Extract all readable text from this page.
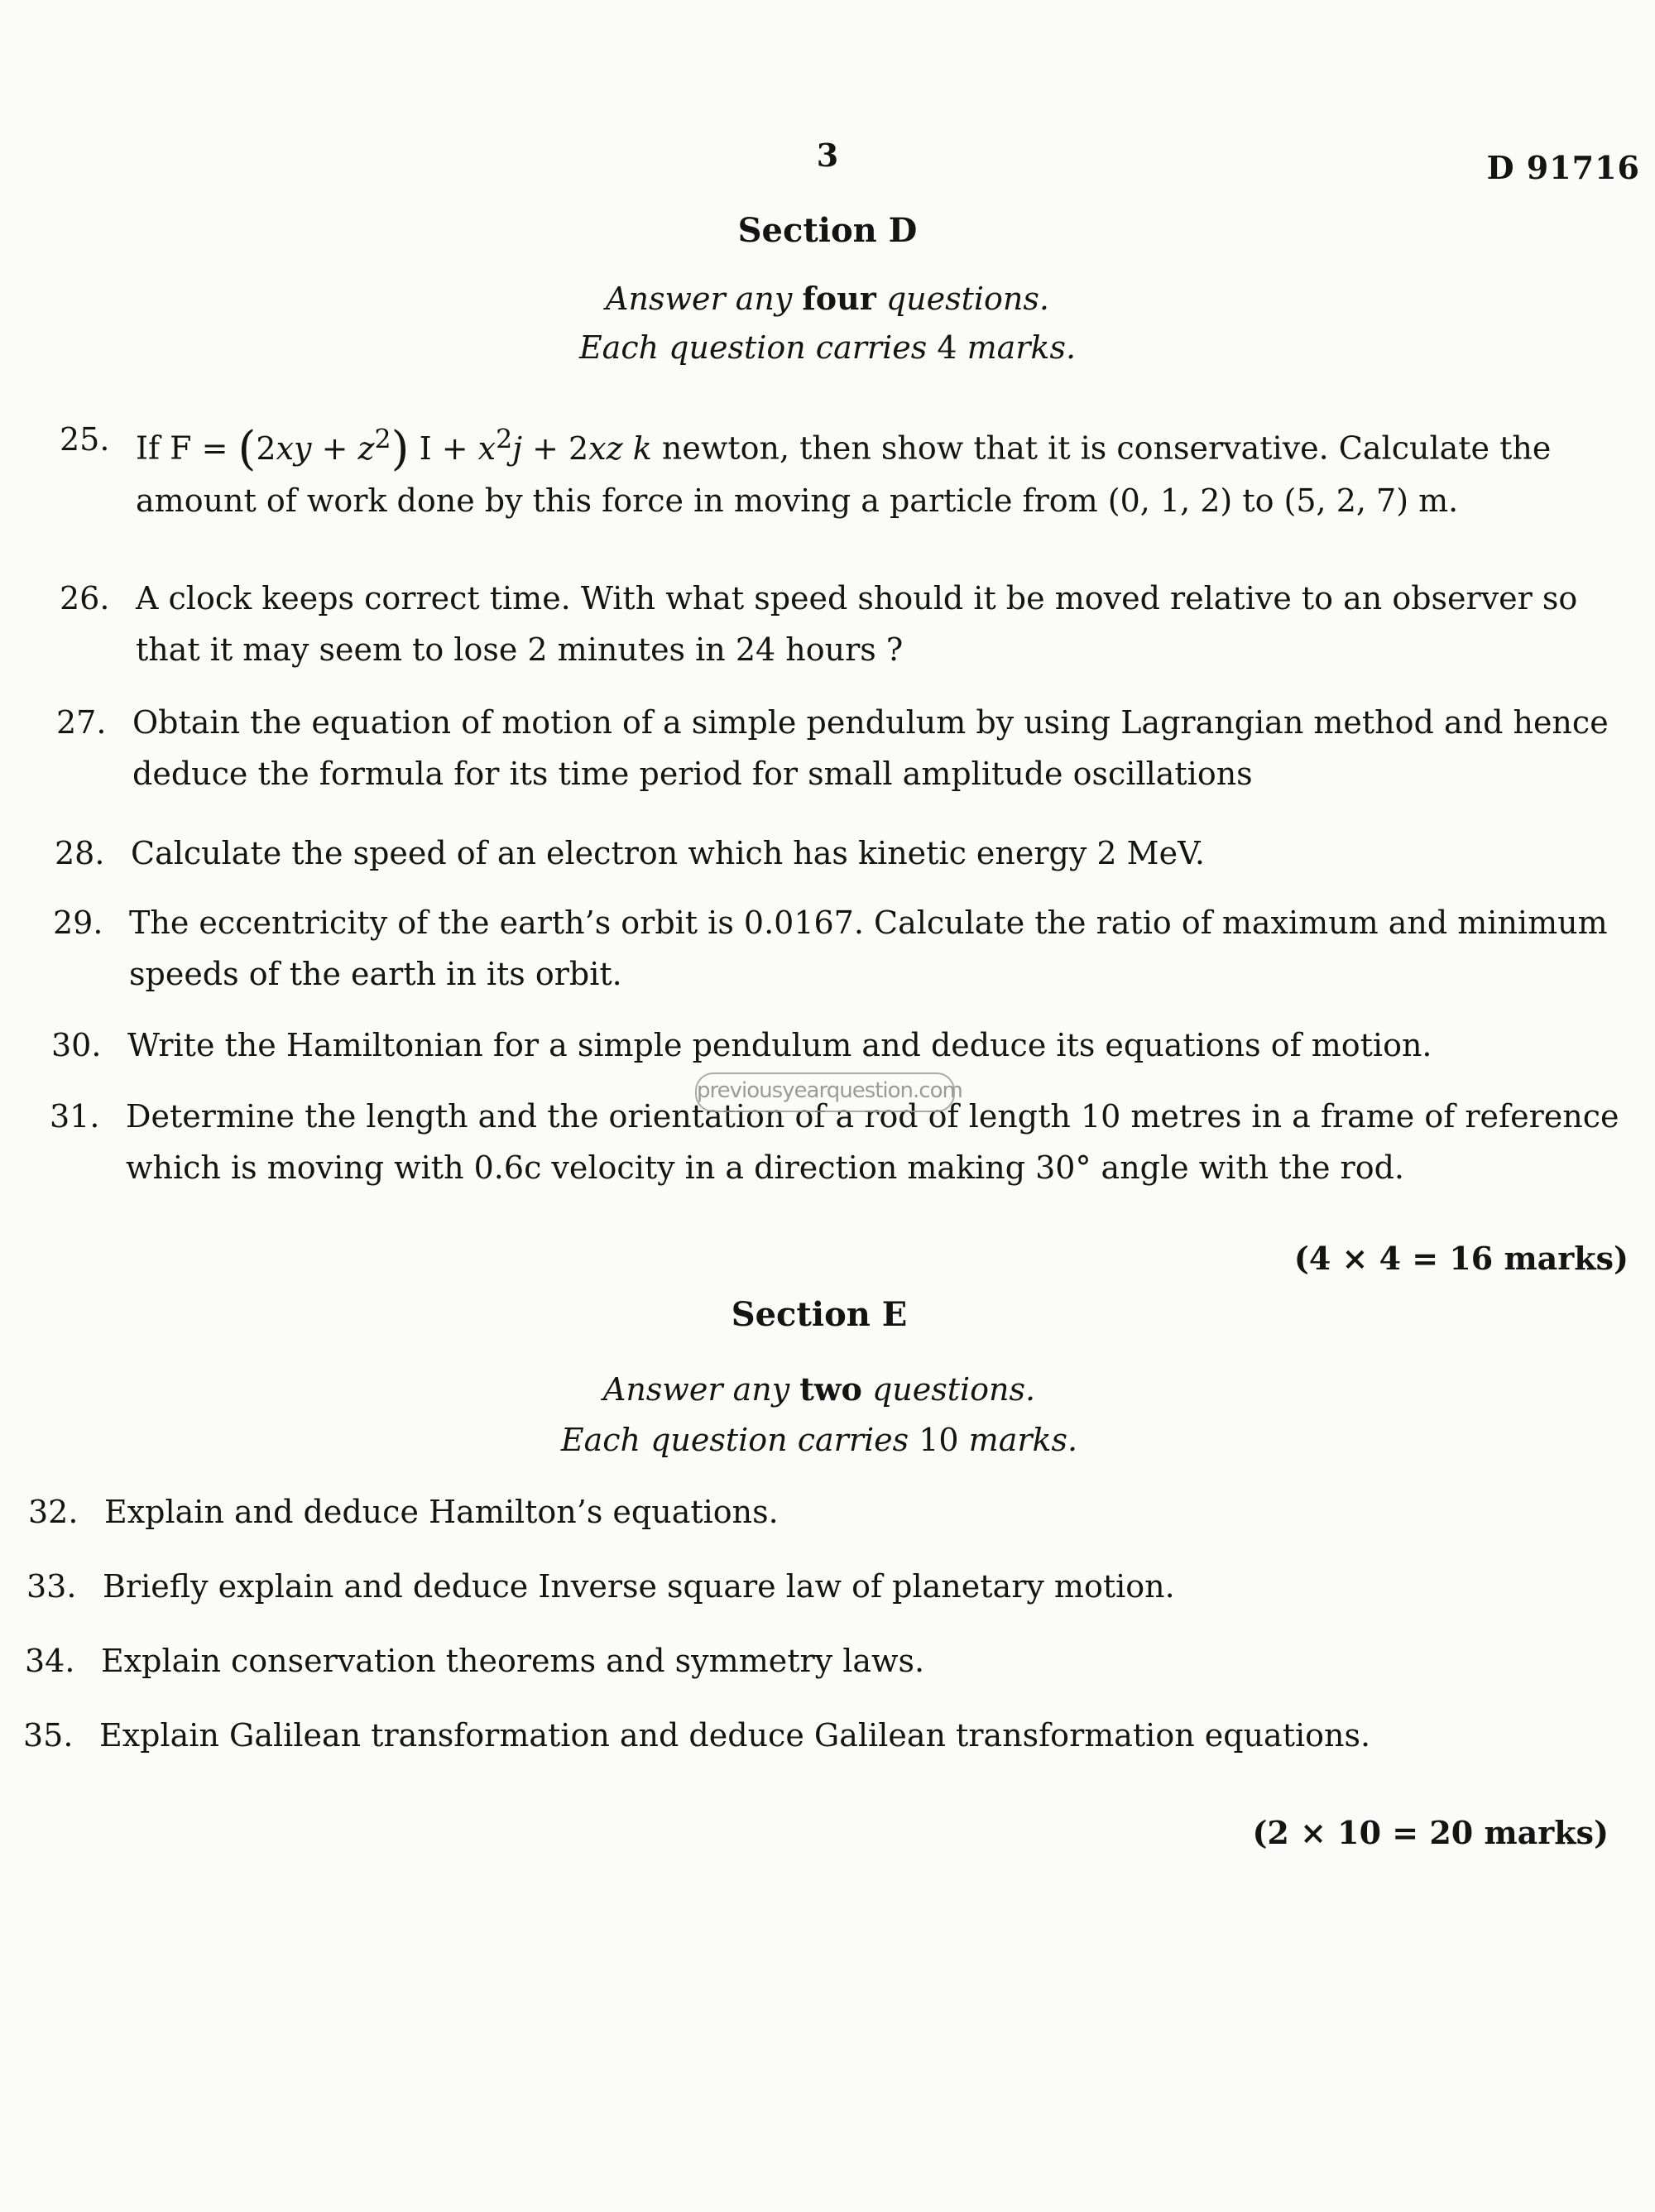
3	D 91716
Section D
Answer any four questions.
Each question carries 4 marks.
25. If $F = (2xy + z^2)$ $I + x^2j + 2xz$ k newton, then show that it is conservative. Calculate the amount of work done by this force in moving a particle from (0, 1, 2) to (5, 2, 7) m.
26. A clock keeps correct time. With what speed should it be moved relative to an observer so that it may seem to lose 2 minutes in 24 hours ?
27. Obtain the equation of motion of a simple pendulum by using Lagrangian method and hence deduce the formula for its time period for small amplitude oscillations
28. Calculate the speed of an electron which has kinetic energy 2 MeV.
29. The eccentricity of the earth’s orbit is 0.0167. Calculate the ratio of maximum and minimum speeds of the earth in its orbit.
30. Write the Hamiltonian for a simple pendulum and deduce its equations of motion.
31. Determine the length and the orientation of a rod of length 10 metres in a frame of reference which is moving with 0.6c velocity in a direction making 30° angle with the rod.
previousyearquestion.com
(4 × 4 = 16 marks)
Section E
Answer any two questions.
Each question carries 10 marks.
32. Explain and deduce Hamilton’s equations.
33. Briefly explain and deduce Inverse square law of planetary motion.
34. Explain conservation theorems and symmetry laws.
35. Explain Galilean transformation and deduce Galilean transformation equations.
(2 × 10 = 20 marks)
